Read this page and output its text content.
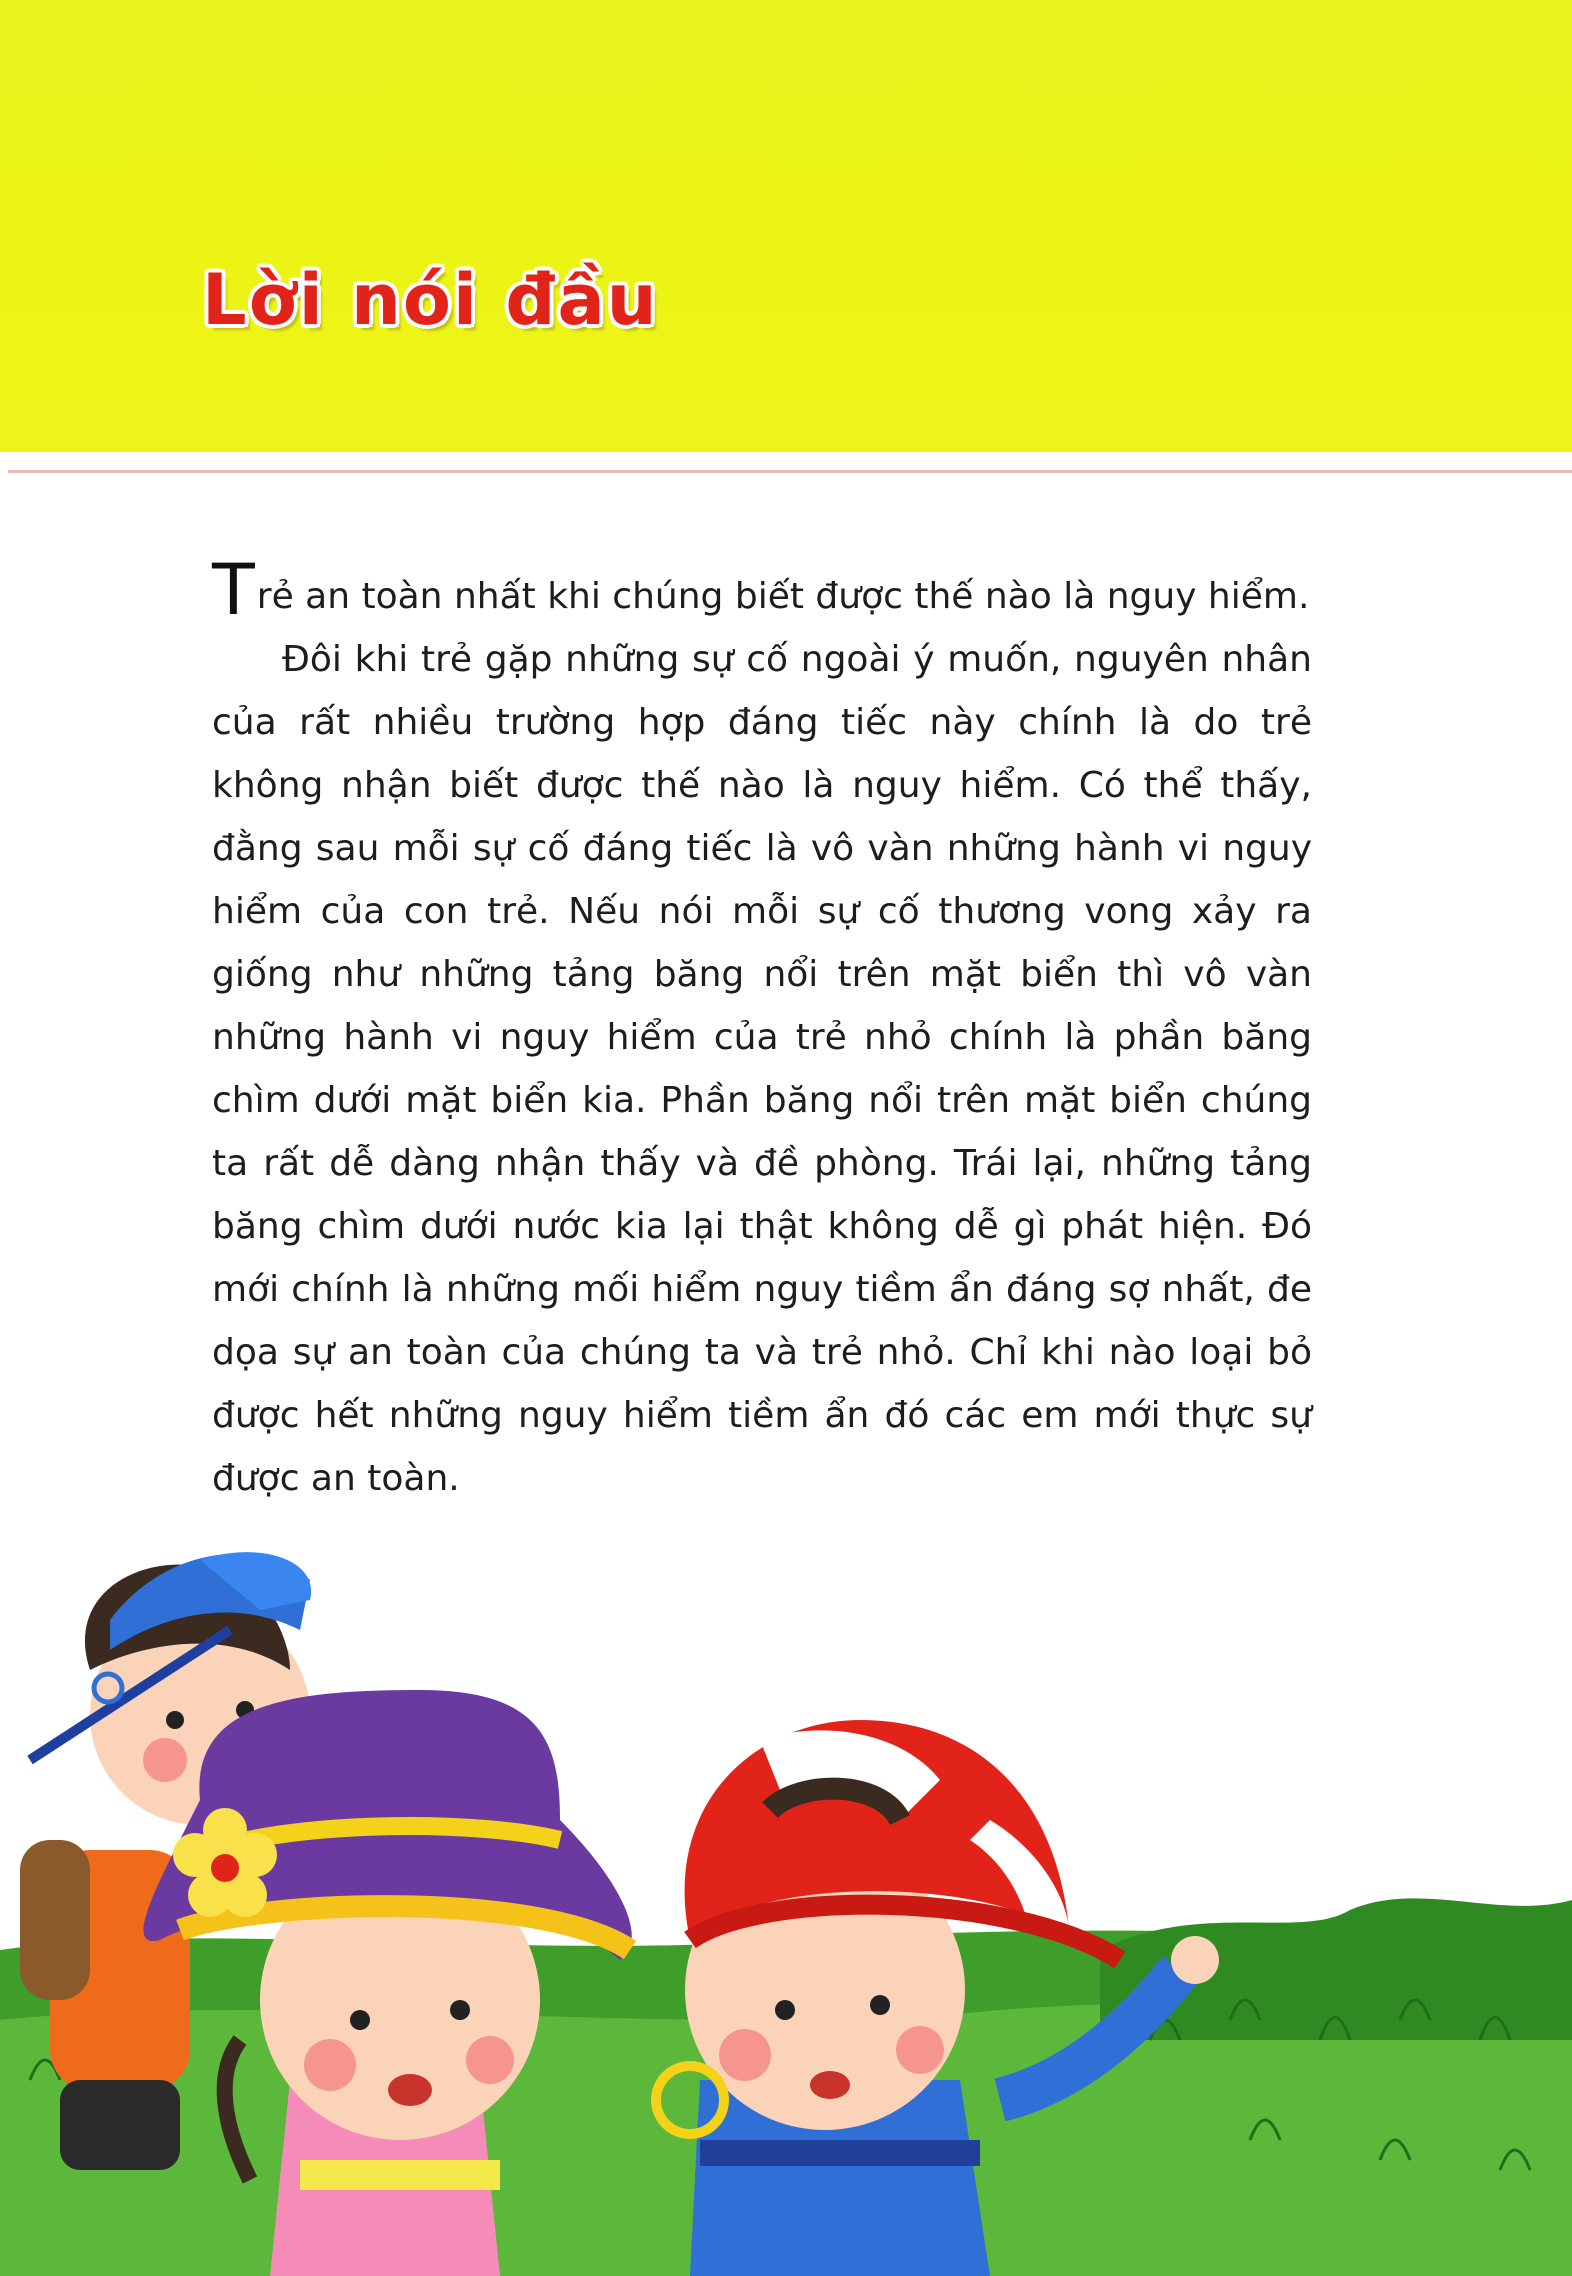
Lời nói đầu

Trẻ an toàn nhất khi chúng biết được thế nào là nguy hiểm.

Đôi khi trẻ gặp những sự cố ngoài ý muốn, nguyên nhân của rất nhiều trường hợp đáng tiếc này chính là do trẻ không nhận biết được thế nào là nguy hiểm. Có thể thấy, đằng sau mỗi sự cố đáng tiếc là vô vàn những hành vi nguy hiểm của con trẻ. Nếu nói mỗi sự cố thương vong xảy ra giống như những tảng băng nổi trên mặt biển thì vô vàn những hành vi nguy hiểm của trẻ nhỏ chính là phần băng chìm dưới mặt biển kia. Phần băng nổi trên mặt biển chúng ta rất dễ dàng nhận thấy và đề phòng. Trái lại, những tảng băng chìm dưới nước kia lại thật không dễ gì phát hiện. Đó mới chính là những mối hiểm nguy tiềm ẩn đáng sợ nhất, đe dọa sự an toàn của chúng ta và trẻ nhỏ. Chỉ khi nào loại bỏ được hết những nguy hiểm tiềm ẩn đó các em mới thực sự được an toàn.
